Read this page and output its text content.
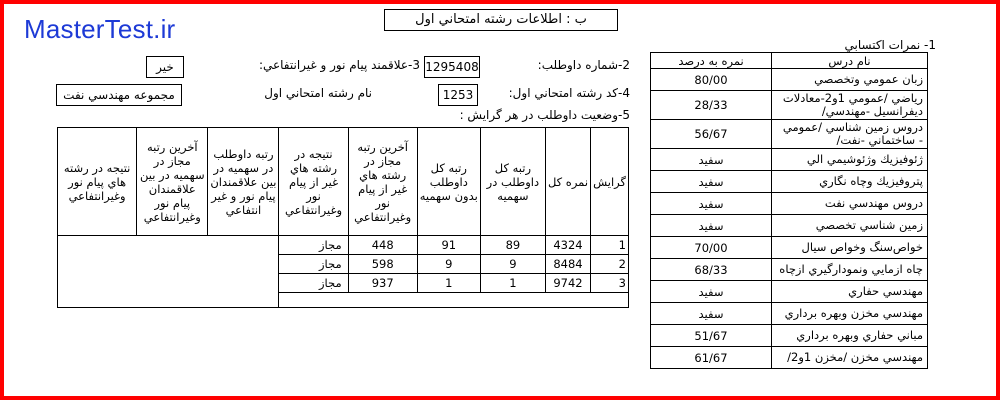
MasterTest.ir	ب : اطلاعات رشته امتحاني اول
1- نمرات اكتسابي
نام درس	نمره به درصد
زبان عمومي وتخصصي	80/00
رياضي /عمومي 1و2-معادلات ديفرانسيل -مهندسي/	28/33
دروس زمين شناسي /عمومي - ساختماني -نفت/	56/67
ژئوفيزيك وژئوشيمي الي	سفيد
پتروفيزيك وچاه نگاري	سفيد
دروس مهندسي نفت	سفيد
زمين شناسي تخصصي	سفيد
خواص‌سنگ وخواص سيال	70/00
چاه ازمايي ونمودارگيري ازچاه	68/33
مهندسي حفاري	سفيد
مهندسي مخزن وبهره برداري	سفيد
مباني حفاري وبهره برداري	51/67
مهندسي مخزن /مخزن 1و2/	61/67
2-شماره داوطلب:
1295408
3-علاقمند پيام نور و غيرانتفاعي:
خير
4-كد رشته امتحاني اول:
1253
نام رشته امتحاني اول
مجموعه مهندسي نفت
5-وضعيت داوطلب در هر گرايش :
گرايش	نمره كل	رتبه كل داوطلب در سهميه	رتبه كل داوطلب بدون سهميه	آخرين رتبه مجاز در رشته هاي غير از پيام نور وغيرانتفاعي	نتيجه در رشته هاي غير از پيام نور وغيرانتفاعي	رتبه داوطلب در سهميه در بين علاقمندان پيام نور و غير انتفاعي	آخرين رتبه مجاز در سهميه در بين علاقمندان پيام نور وغيرانتفاعي	نتيجه در رشته هاي پيام نور وغيرانتفاعي
1	4324	89	91	448	مجاز			
2	8484	9	9	598	مجاز			
3	9742	1	1	937	مجاز			
